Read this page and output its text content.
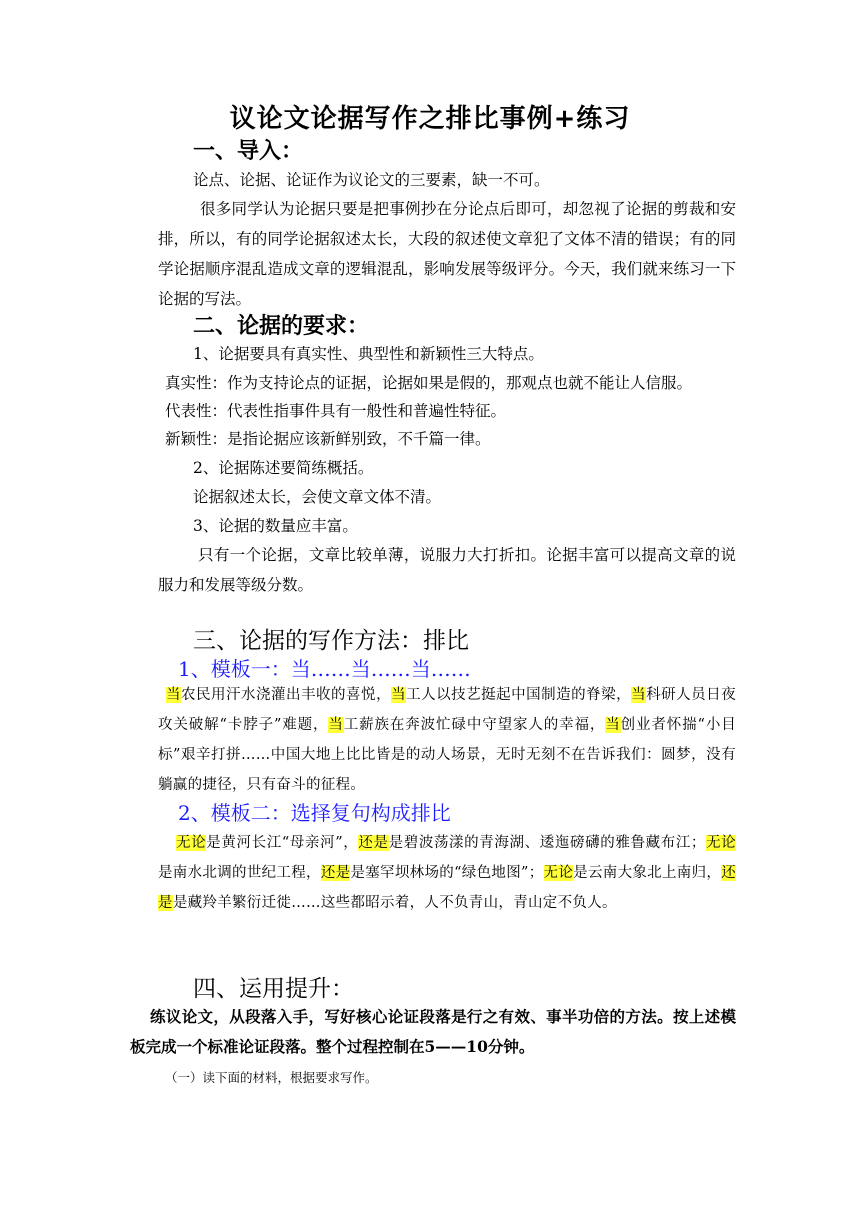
议论文论据写作之排比事例+练习
一、导入：
论点、论据、论证作为议论文的三要素，缺一不可。
很多同学认为论据只要是把事例抄在分论点后即可，却忽视了论据的剪裁和安排，所以，有的同学论据叙述太长，大段的叙述使文章犯了文体不清的错误；有的同学论据顺序混乱造成文章的逻辑混乱，影响发展等级评分。今天，我们就来练习一下论据的写法。
二、论据的要求：
1、论据要具有真实性、典型性和新颖性三大特点。
真实性：作为支持论点的证据，论据如果是假的，那观点也就不能让人信服。
代表性：代表性指事件具有一般性和普遍性特征。
新颖性：是指论据应该新鲜别致，不千篇一律。
2、论据陈述要简练概括。
论据叙述太长，会使文章文体不清。
3、论据的数量应丰富。
只有一个论据，文章比较单薄，说服力大打折扣。论据丰富可以提高文章的说服力和发展等级分数。
三、论据的写作方法：排比
1、模板一：当……当……当……
当农民用汗水浇灌出丰收的喜悦，当工人以技艺挺起中国制造的脊梁，当科研人员日夜攻关破解“卡脖子”难题，当工薪族在奔波忙碌中守望家人的幸福，当创业者怀揣“小目标”艰辛打拼……中国大地上比比皆是的动人场景，无时无刻不在告诉我们：圆梦，没有躺赢的捷径，只有奋斗的征程。
2、模板二：选择复句构成排比
无论是黄河长江“母亲河”，还是是碧波荡漾的青海湖、逶迤磅礴的雅鲁藏布江；无论是南水北调的世纪工程，还是是塞罕坝林场的“绿色地图”；无论是云南大象北上南归，还是是藏羚羊繁衍迁徙……这些都昭示着，人不负青山，青山定不负人。
四、运用提升：
练议论文，从段落入手，写好核心论证段落是行之有效、事半功倍的方法。按上述模板完成一个标准论证段落。整个过程控制在5——10分钟。
（一）读下面的材料，根据要求写作。
